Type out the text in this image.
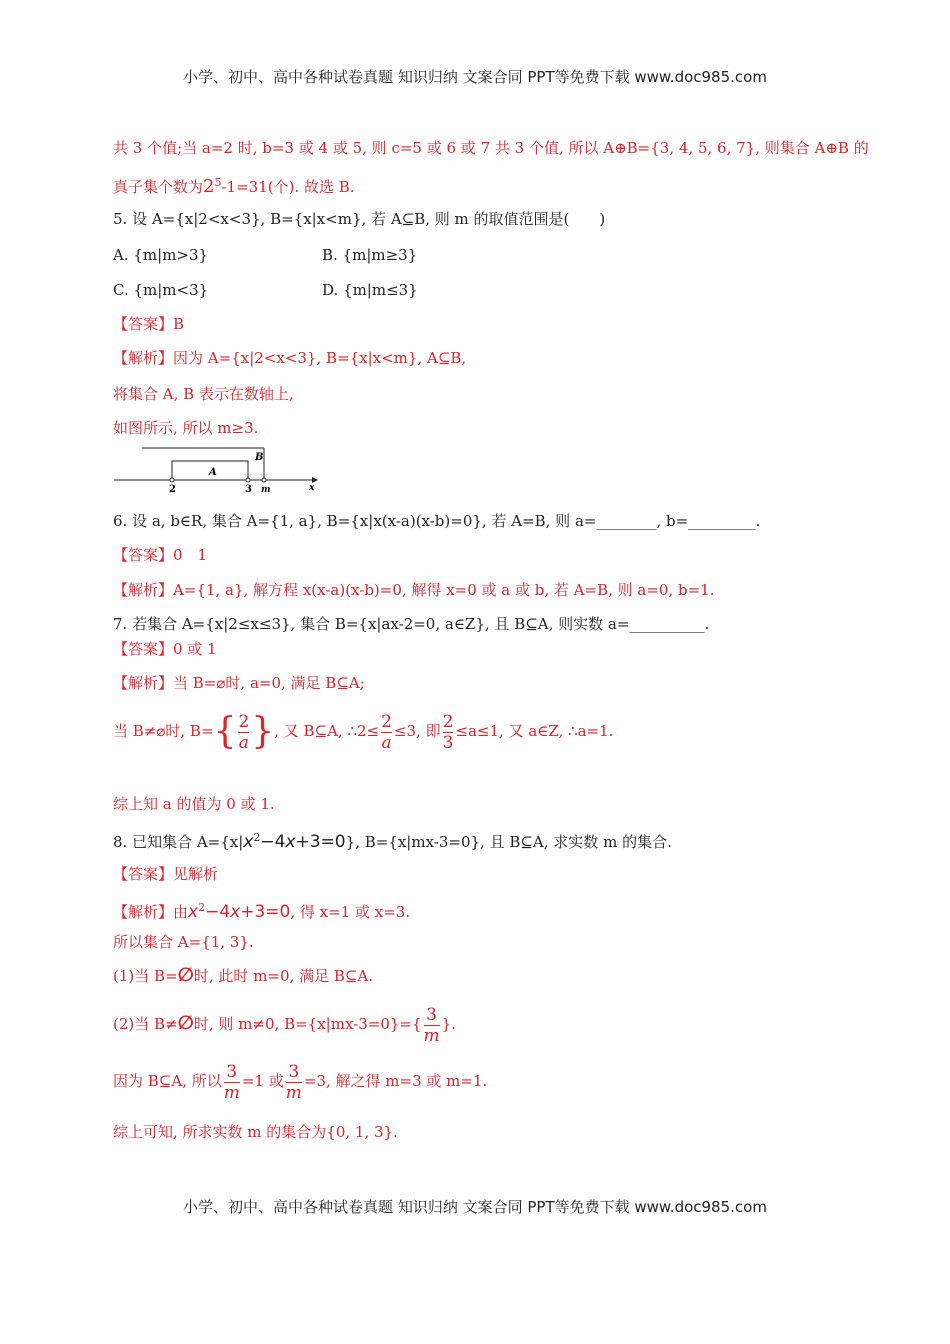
小学、初中、高中各种试卷真题 知识归纳 文案合同 PPT等免费下载 www.doc985.com
共 3 个值;当 a=2 时, b=3 或 4 或 5, 则 c=5 或 6 或 7 共 3 个值, 所以 A⊕B={3, 4, 5, 6, 7}, 则集合 A⊕B 的
真子集个数为$2^5-1=31$(个). 故选 B.
5. 设 A={x|2<x<3}, B={x|x<m}, 若 A⊆B, 则 m 的取值范围是(　　)
A. {m|m>3}	B. {m|m≥3}
C. {m|m<3}	D. {m|m≤3}
【答案】B
【解析】因为 A={x|2<x<3}, B={x|x<m}, A⊆B,
将集合 A, B 表示在数轴上,
如图所示, 所以 m≥3.
A
B
2	3 m	x
6. 设 a, b∈R, 集合 A={1, a}, B={x|x(x-a)(x-b)=0}, 若 A=B, 则 a=________, b=_________.
【答案】0　1
【解析】A={1, a}, 解方程 x(x-a)(x-b)=0, 解得 x=0 或 a 或 b, 若 A=B, 则 a=0, b=1.
7. 若集合 A={x|2≤x≤3}, 集合 B={x|ax-2=0, a∈Z}, 且 B⊆A, 则实数 a=__________.
【答案】0 或 1
【解析】当 B=⌀时, a=0, 满足 B⊆A;
当 B≠⌀时, $B=\{ \frac{2}{a}$ }, 又 B⊆A, ∴2≤ $\frac{2}{a} \le 3$, 即 $\frac{2}{3} \le a\le 1$, 又 a∈Z, ∴a=1.
综上知 a 的值为 0 或 1.
8. 已知集合 $A=\{x|x^2-4x+3=0\}$, B={x|mx-3=0}, 且 B⊆A, 求实数 m 的集合.
【答案】见解析
【解析】由$x^2-4x+3=0$, 得 x=1 或 x=3.
所以集合 A={1, 3}.
(1)当 B=∅时, 此时 m=0, 满足 B⊆A.
(2)当 B≠∅时, 则 m≠0, $B=\{x|mx-3=0\}=\{ \frac{3}{m}$ }.
因为 B⊆A, 所以 $\frac{3}{m} =1$ 或 $\frac{3}{m} =3$, 解之得 m=3 或 m=1.
综上可知, 所求实数 m 的集合为{0, 1, 3}.
小学、初中、高中各种试卷真题 知识归纳 文案合同 PPT等免费下载 www.doc985.com
